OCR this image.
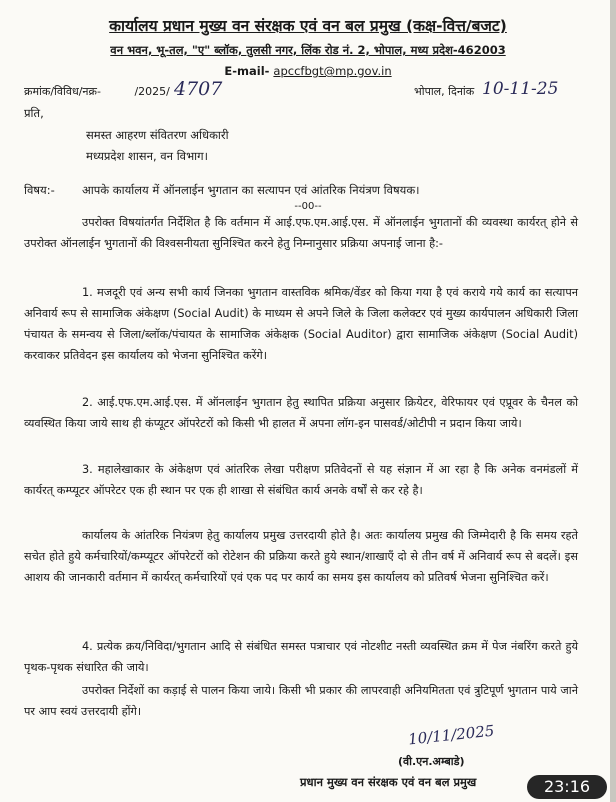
कार्यालय प्रधान मुख्य वन संरक्षक एवं वन बल प्रमुख (कक्ष-वित्त/बजट)
वन भवन, भू-तल, "ए" ब्लॉक, तुलसी नगर, लिंक रोड नं. 2, भोपाल, मध्य प्रदेश-462003
E-mail- apccfbgt@mp.gov.in
क्रमांक/विविध/नक्र-	/2025/ 4707	भोपाल, दिनांक 10-11-25
प्रति,
समस्त आहरण संवितरण अधिकारी
मध्यप्रदेश शासन, वन विभाग।
विषय:- आपके कार्यालय में ऑनलाईन भुगतान का सत्यापन एवं आंतरिक नियंत्रण विषयक।
--00--
उपरोक्त विषयांतर्गत निर्देशित है कि वर्तमान में आई.एफ.एम.आई.एस. में ऑनलाईन भुगतानों की व्यवस्था कार्यरत् होने से उपरोक्त ऑनलाईन भुगतानों की विश्वसनीयता सुनिश्चित करने हेतु निम्नानुसार प्रक्रिया अपनाई जाना है:-
1. मजदूरी एवं अन्य सभी कार्य जिनका भुगतान वास्तविक श्रमिक/वेंडर को किया गया है एवं कराये गये कार्य का सत्यापन अनिवार्य रूप से सामाजिक अंकेक्षण (Social Audit) के माध्यम से अपने जिले के जिला कलेक्टर एवं मुख्य कार्यपालन अधिकारी जिला पंचायत के समन्वय से जिला/ब्लॉक/पंचायत के सामाजिक अंकेक्षक (Social Auditor) द्वारा सामाजिक अंकेक्षण (Social Audit) करवाकर प्रतिवेदन इस कार्यालय को भेजना सुनिश्चित करेंगे।
2. आई.एफ.एम.आई.एस. में ऑनलाईन भुगतान हेतु स्थापित प्रक्रिया अनुसार क्रियेटर, वेरिफायर एवं एप्रूवर के चैनल को व्यवस्थित किया जाये साथ ही कंप्यूटर ऑपरेटरों को किसी भी हालत में अपना लॉग-इन पासवर्ड/ओटीपी न प्रदान किया जाये।
3. महालेखाकार के अंकेक्षण एवं आंतरिक लेखा परीक्षण प्रतिवेदनों से यह संज्ञान में आ रहा है कि अनेक वनमंडलों में कार्यरत् कम्प्यूटर ऑपरेटर एक ही स्थान पर एक ही शाखा से संबंधित कार्य अनके वर्षों से कर रहे है।
कार्यालय के आंतरिक नियंत्रण हेतु कार्यालय प्रमुख उत्तरदायी होते है। अतः कार्यालय प्रमुख की जिम्मेदारी है कि समय रहते सचेत होते हुये कर्मचारियों/कम्प्यूटर ऑपरेटरों को रोटेशन की प्रक्रिया करते हुये स्थान/शाखाएँ दो से तीन वर्ष में अनिवार्य रूप से बदलें। इस आशय की जानकारी वर्तमान में कार्यरत् कर्मचारियों एवं एक पद पर कार्य का समय इस कार्यालय को प्रतिवर्ष भेजना सुनिश्चित करें।
4. प्रत्येक क्रय/निविदा/भुगतान आदि से संबंधित समस्त पत्राचार एवं नोटशीट नस्ती व्यवस्थित क्रम में पेज नंबरिंग करते हुये पृथक-पृथक संधारित की जाये।
उपरोक्त निर्देशों का कड़ाई से पालन किया जाये। किसी भी प्रकार की लापरवाही अनियमितता एवं त्रुटिपूर्ण भुगतान पाये जाने पर आप स्वयं उत्तरदायी होंगे।
10/11/2025
(वी.एन.अम्बाडे)
प्रधान मुख्य वन संरक्षक एवं वन बल प्रमुख	23:16
